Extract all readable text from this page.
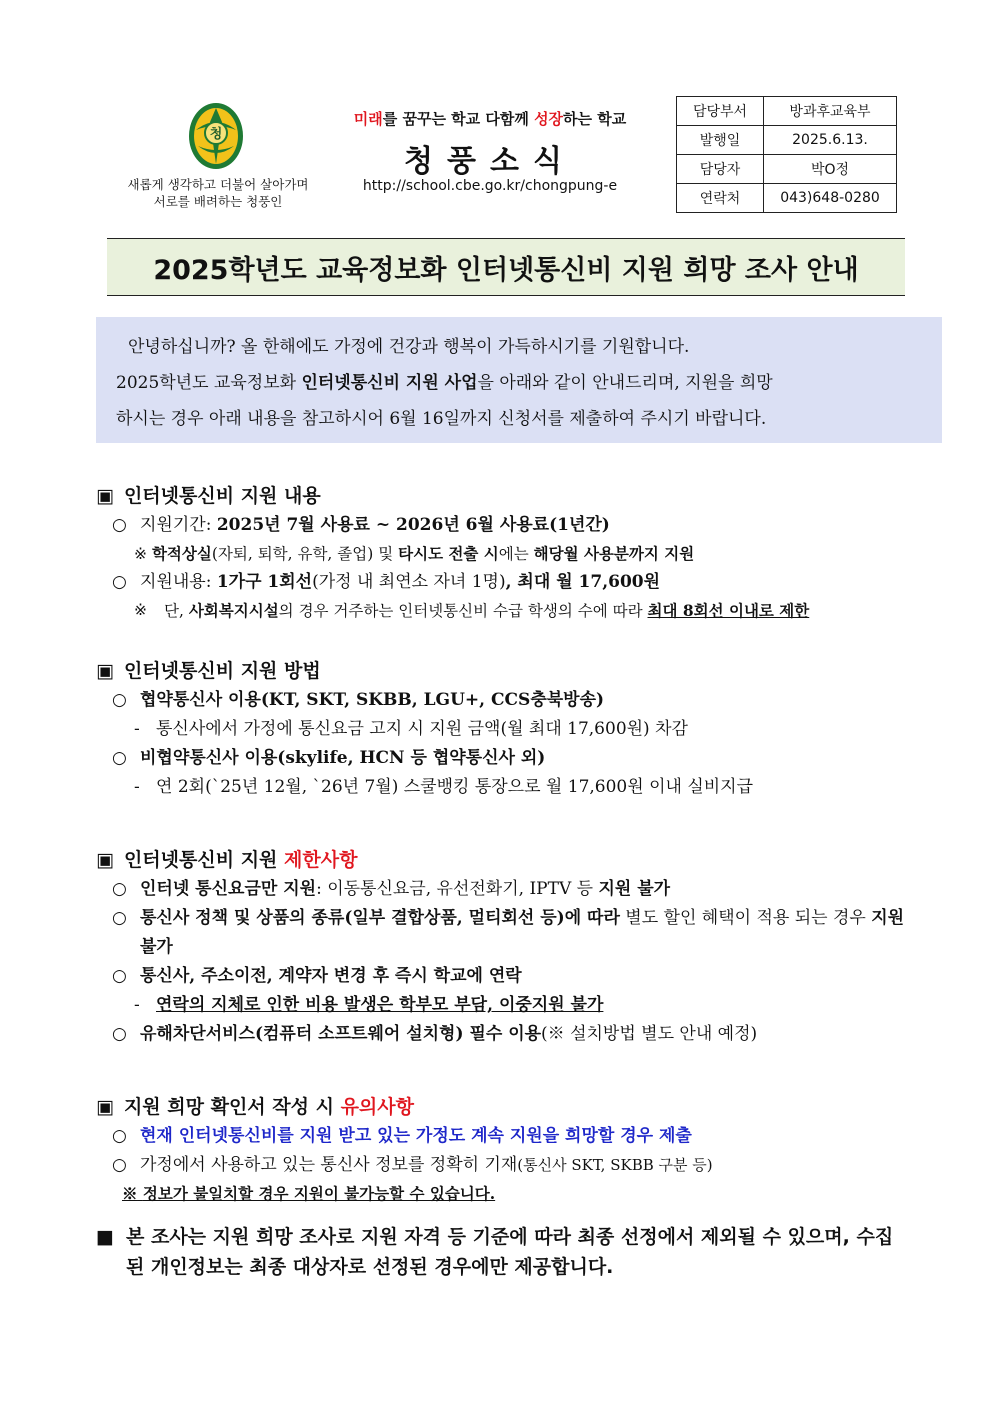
청
새롭게 생각하고 더불어 살아가며
서로를 배려하는 청풍인
미래를 꿈꾸는 학교 다함께 성장하는 학교
청풍소식
http://school.cbe.go.kr/chongpung-e
담당부서	방과후교육부
발행일	2025.6.13.
담당자	박O정
연락처	043)648-0280
2025학년도 교육정보화 인터넷통신비 지원 희망 조사 안내

안녕하십니까? 올 한해에도 가정에 건강과 행복이 가득하시기를 기원합니다.

2025학년도 교육정보화 인터넷통신비 지원 사업을 아래와 같이 안내드리며, 지원을 희망

하시는 경우 아래 내용을 참고하시어 6월 16일까지 신청서를 제출하여 주시기 바랍니다.

▣ 인터넷통신비 지원 내용
○ 지원기간: 2025년 7월 사용료 ~ 2026년 6월 사용료(1년간)
※ 학적상실(자퇴, 퇴학, 유학, 졸업) 및 타시도 전출 시에는 해당월 사용분까지 지원
○ 지원내용: 1가구 1회선(가정 내 최연소 자녀 1명), 최대 월 17,600원
※	단, 사회복지시설의 경우 거주하는 인터넷통신비 수급 학생의 수에 따라 최대 8회선 이내로 제한
▣ 인터넷통신비 지원 방법
○ 협약통신사 이용(KT, SKT, SKBB, LGU+, CCS충북방송)
- 통신사에서 가정에 통신요금 고지 시 지원 금액(월 최대 17,600원) 차감
○ 비협약통신사 이용(skylife, HCN 등 협약통신사 외)
- 연 2회(`25년 12월, `26년 7월) 스쿨뱅킹 통장으로 월 17,600원 이내 실비지급
▣ 인터넷통신비 지원 제한사항
○ 인터넷 통신요금만 지원: 이동통신요금, 유선전화기, IPTV 등 지원 불가
○ 통신사 정책 및 상품의 종류(일부 결합상품, 멀티회선 등)에 따라 별도 할인 혜택이 적용 되는 경우 지원 불가
○ 통신사, 주소이전, 계약자 변경 후 즉시 학교에 연락
- 연락의 지체로 인한 비용 발생은 학부모 부담, 이중지원 불가
○ 유해차단서비스(컴퓨터 소프트웨어 설치형) 필수 이용(※ 설치방법 별도 안내 예정)
▣ 지원 희망 확인서 작성 시 유의사항
○ 현재 인터넷통신비를 지원 받고 있는 가정도 계속 지원을 희망할 경우 제출
○ 가정에서 사용하고 있는 통신사 정보를 정확히 기재(통신사 SKT, SKBB 구분 등)
※ 정보가 불일치할 경우 지원이 불가능할 수 있습니다.
■ 본 조사는 지원 희망 조사로 지원 자격 등 기준에 따라 최종 선정에서 제외될 수 있으며, 수집된 개인정보는 최종 대상자로 선정된 경우에만 제공합니다.
